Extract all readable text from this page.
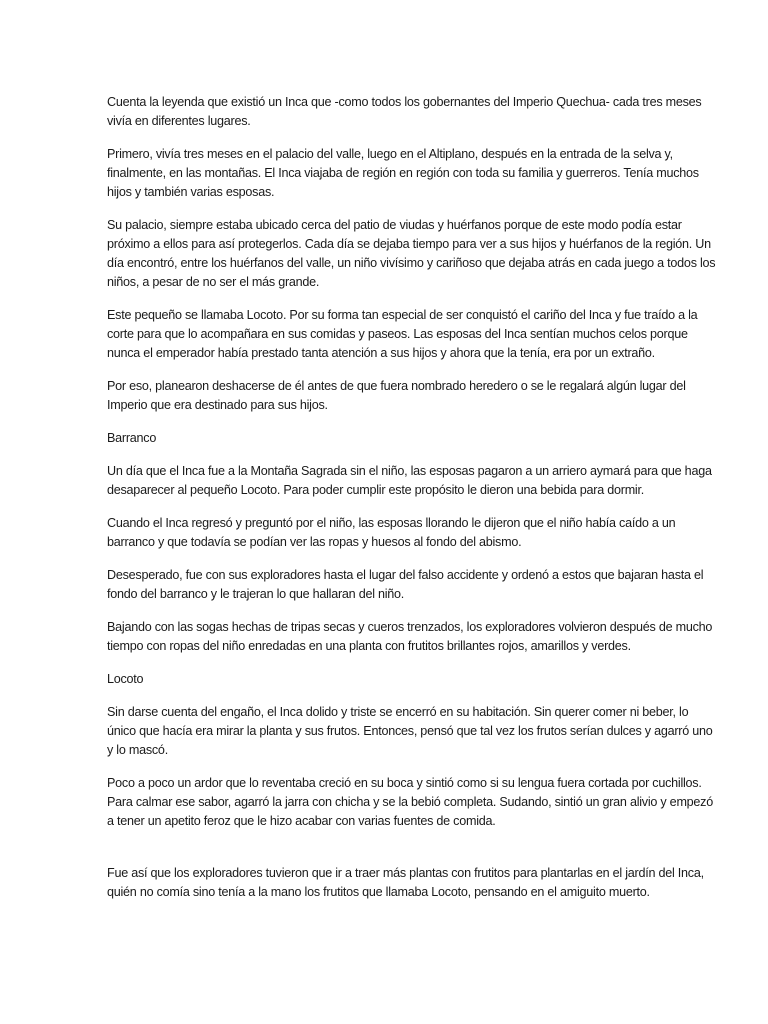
Cuenta la leyenda que existió un Inca que -como todos los gobernantes del Imperio Quechua- cada tres meses vivía en diferentes lugares.

Primero, vivía tres meses en el palacio del valle, luego en el Altiplano, después en la entrada de la selva y, finalmente, en las montañas. El Inca viajaba de región en región con toda su familia y guerreros. Tenía muchos hijos y también varias esposas.

Su palacio, siempre estaba ubicado cerca del patio de viudas y huérfanos porque de este modo podía estar próximo a ellos para así protegerlos. Cada día se dejaba tiempo para ver a sus hijos y huérfanos de la región. Un día encontró, entre los huérfanos del valle, un niño vivísimo y cariñoso que dejaba atrás en cada juego a todos los niños, a pesar de no ser el más grande.

Este pequeño se llamaba Locoto. Por su forma tan especial de ser conquistó el cariño del Inca y fue traído a la corte para que lo acompañara en sus comidas y paseos. Las esposas del Inca sentían muchos celos porque nunca el emperador había prestado tanta atención a sus hijos y ahora que la tenía, era por un extraño.

Por eso, planearon deshacerse de él antes de que fuera nombrado heredero o se le regalará algún lugar del Imperio que era destinado para sus hijos.

Barranco

Un día que el Inca fue a la Montaña Sagrada sin el niño, las esposas pagaron a un arriero aymará para que haga desaparecer al pequeño Locoto. Para poder cumplir este propósito le dieron una bebida para dormir.

Cuando el Inca regresó y preguntó por el niño, las esposas llorando le dijeron que el niño había caído a un barranco y que todavía se podían ver las ropas y huesos al fondo del abismo.

Desesperado, fue con sus exploradores hasta el lugar del falso accidente y ordenó a estos que bajaran hasta el fondo del barranco y le trajeran lo que hallaran del niño.

Bajando con las sogas hechas de tripas secas y cueros trenzados, los exploradores volvieron después de mucho tiempo con ropas del niño enredadas en una planta con frutitos brillantes rojos, amarillos y verdes.

Locoto

Sin darse cuenta del engaño, el Inca dolido y triste se encerró en su habitación. Sin querer comer ni beber, lo único que hacía era mirar la planta y sus frutos. Entonces, pensó que tal vez los frutos serían dulces y agarró uno y lo mascó.

Poco a poco un ardor que lo reventaba creció en su boca y sintió como si su lengua fuera cortada por cuchillos. Para calmar ese sabor, agarró la jarra con chicha y se la bebió completa. Sudando, sintió un gran alivio y empezó a tener un apetito feroz que le hizo acabar con varias fuentes de comida.

Fue así que los exploradores tuvieron que ir a traer más plantas con frutitos para plantarlas en el jardín del Inca, quién no comía sino tenía a la mano los frutitos que llamaba Locoto, pensando en el amiguito muerto.
